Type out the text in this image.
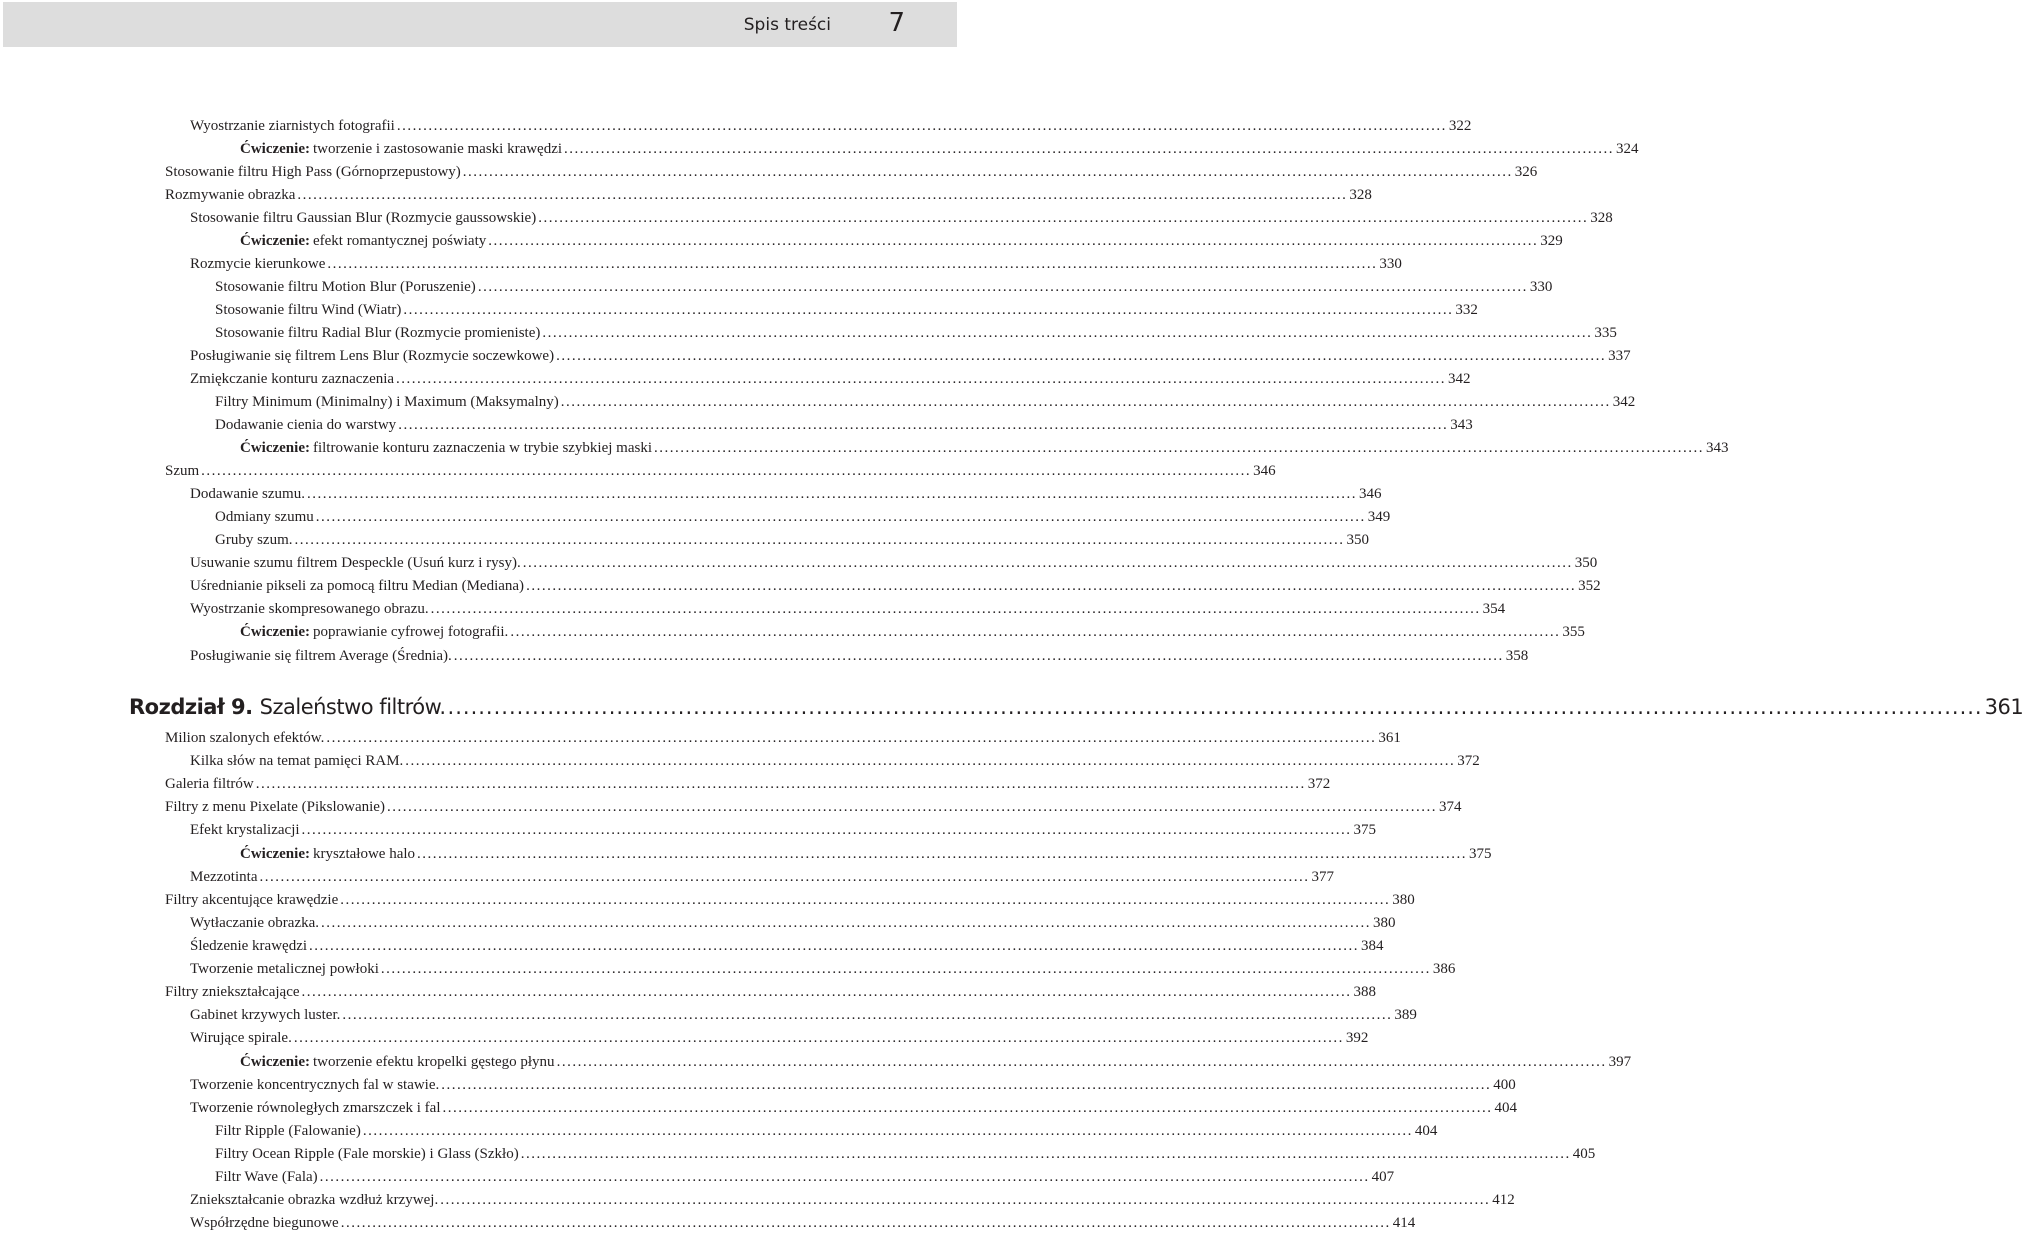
Spis treści 7
Wyostrzanie ziarnistych fotografii ........................................................................................................................................................................................................ 322
Ćwiczenie: tworzenie i zastosowanie maski krawędzi ........................................................................................................................................................................................................ 324
Stosowanie filtru High Pass (Górnoprzepustowy) ........................................................................................................................................................................................................ 326
Rozmywanie obrazka ........................................................................................................................................................................................................ 328
Stosowanie filtru Gaussian Blur (Rozmycie gaussowskie) ........................................................................................................................................................................................................ 328
Ćwiczenie: efekt romantycznej poświaty ........................................................................................................................................................................................................ 329
Rozmycie kierunkowe ........................................................................................................................................................................................................ 330
Stosowanie filtru Motion Blur (Poruszenie) ........................................................................................................................................................................................................ 330
Stosowanie filtru Wind (Wiatr) ........................................................................................................................................................................................................ 332
Stosowanie filtru Radial Blur (Rozmycie promieniste) ........................................................................................................................................................................................................ 335
Posługiwanie się filtrem Lens Blur (Rozmycie soczewkowe) ........................................................................................................................................................................................................ 337
Zmiękczanie konturu zaznaczenia ........................................................................................................................................................................................................ 342
Filtry Minimum (Minimalny) i Maximum (Maksymalny) ........................................................................................................................................................................................................ 342
Dodawanie cienia do warstwy ........................................................................................................................................................................................................ 343
Ćwiczenie: filtrowanie konturu zaznaczenia w trybie szybkiej maski ........................................................................................................................................................................................................ 343
Szum ........................................................................................................................................................................................................ 346
Dodawanie szumu. ........................................................................................................................................................................................................ 346
Odmiany szumu ........................................................................................................................................................................................................ 349
Gruby szum. ........................................................................................................................................................................................................ 350
Usuwanie szumu filtrem Despeckle (Usuń kurz i rysy). ........................................................................................................................................................................................................ 350
Uśrednianie pikseli za pomocą filtru Median (Mediana) ........................................................................................................................................................................................................ 352
Wyostrzanie skompresowanego obrazu. ........................................................................................................................................................................................................ 354
Ćwiczenie: poprawianie cyfrowej fotografii. ........................................................................................................................................................................................................ 355
Posługiwanie się filtrem Average (Średnia). ........................................................................................................................................................................................................ 358
Rozdział 9. Szaleństwo filtrów. ........................................................................................................................................................................................................ 361
Milion szalonych efektów. ........................................................................................................................................................................................................ 361
Kilka słów na temat pamięci RAM. ........................................................................................................................................................................................................ 372
Galeria filtrów ........................................................................................................................................................................................................ 372
Filtry z menu Pixelate (Pikslowanie) ........................................................................................................................................................................................................ 374
Efekt krystalizacji ........................................................................................................................................................................................................ 375
Ćwiczenie: kryształowe halo ........................................................................................................................................................................................................ 375
Mezzotinta ........................................................................................................................................................................................................ 377
Filtry akcentujące krawędzie ........................................................................................................................................................................................................ 380
Wytłaczanie obrazka. ........................................................................................................................................................................................................ 380
Śledzenie krawędzi ........................................................................................................................................................................................................ 384
Tworzenie metalicznej powłoki ........................................................................................................................................................................................................ 386
Filtry zniekształcające ........................................................................................................................................................................................................ 388
Gabinet krzywych luster. ........................................................................................................................................................................................................ 389
Wirujące spirale. ........................................................................................................................................................................................................ 392
Ćwiczenie: tworzenie efektu kropelki gęstego płynu ........................................................................................................................................................................................................ 397
Tworzenie koncentrycznych fal w stawie. ........................................................................................................................................................................................................ 400
Tworzenie równoległych zmarszczek i fal ........................................................................................................................................................................................................ 404
Filtr Ripple (Falowanie) ........................................................................................................................................................................................................ 404
Filtry Ocean Ripple (Fale morskie) i Glass (Szkło) ........................................................................................................................................................................................................ 405
Filtr Wave (Fala) ........................................................................................................................................................................................................ 407
Zniekształcanie obrazka wzdłuż krzywej. ........................................................................................................................................................................................................ 412
Współrzędne biegunowe ........................................................................................................................................................................................................ 414
